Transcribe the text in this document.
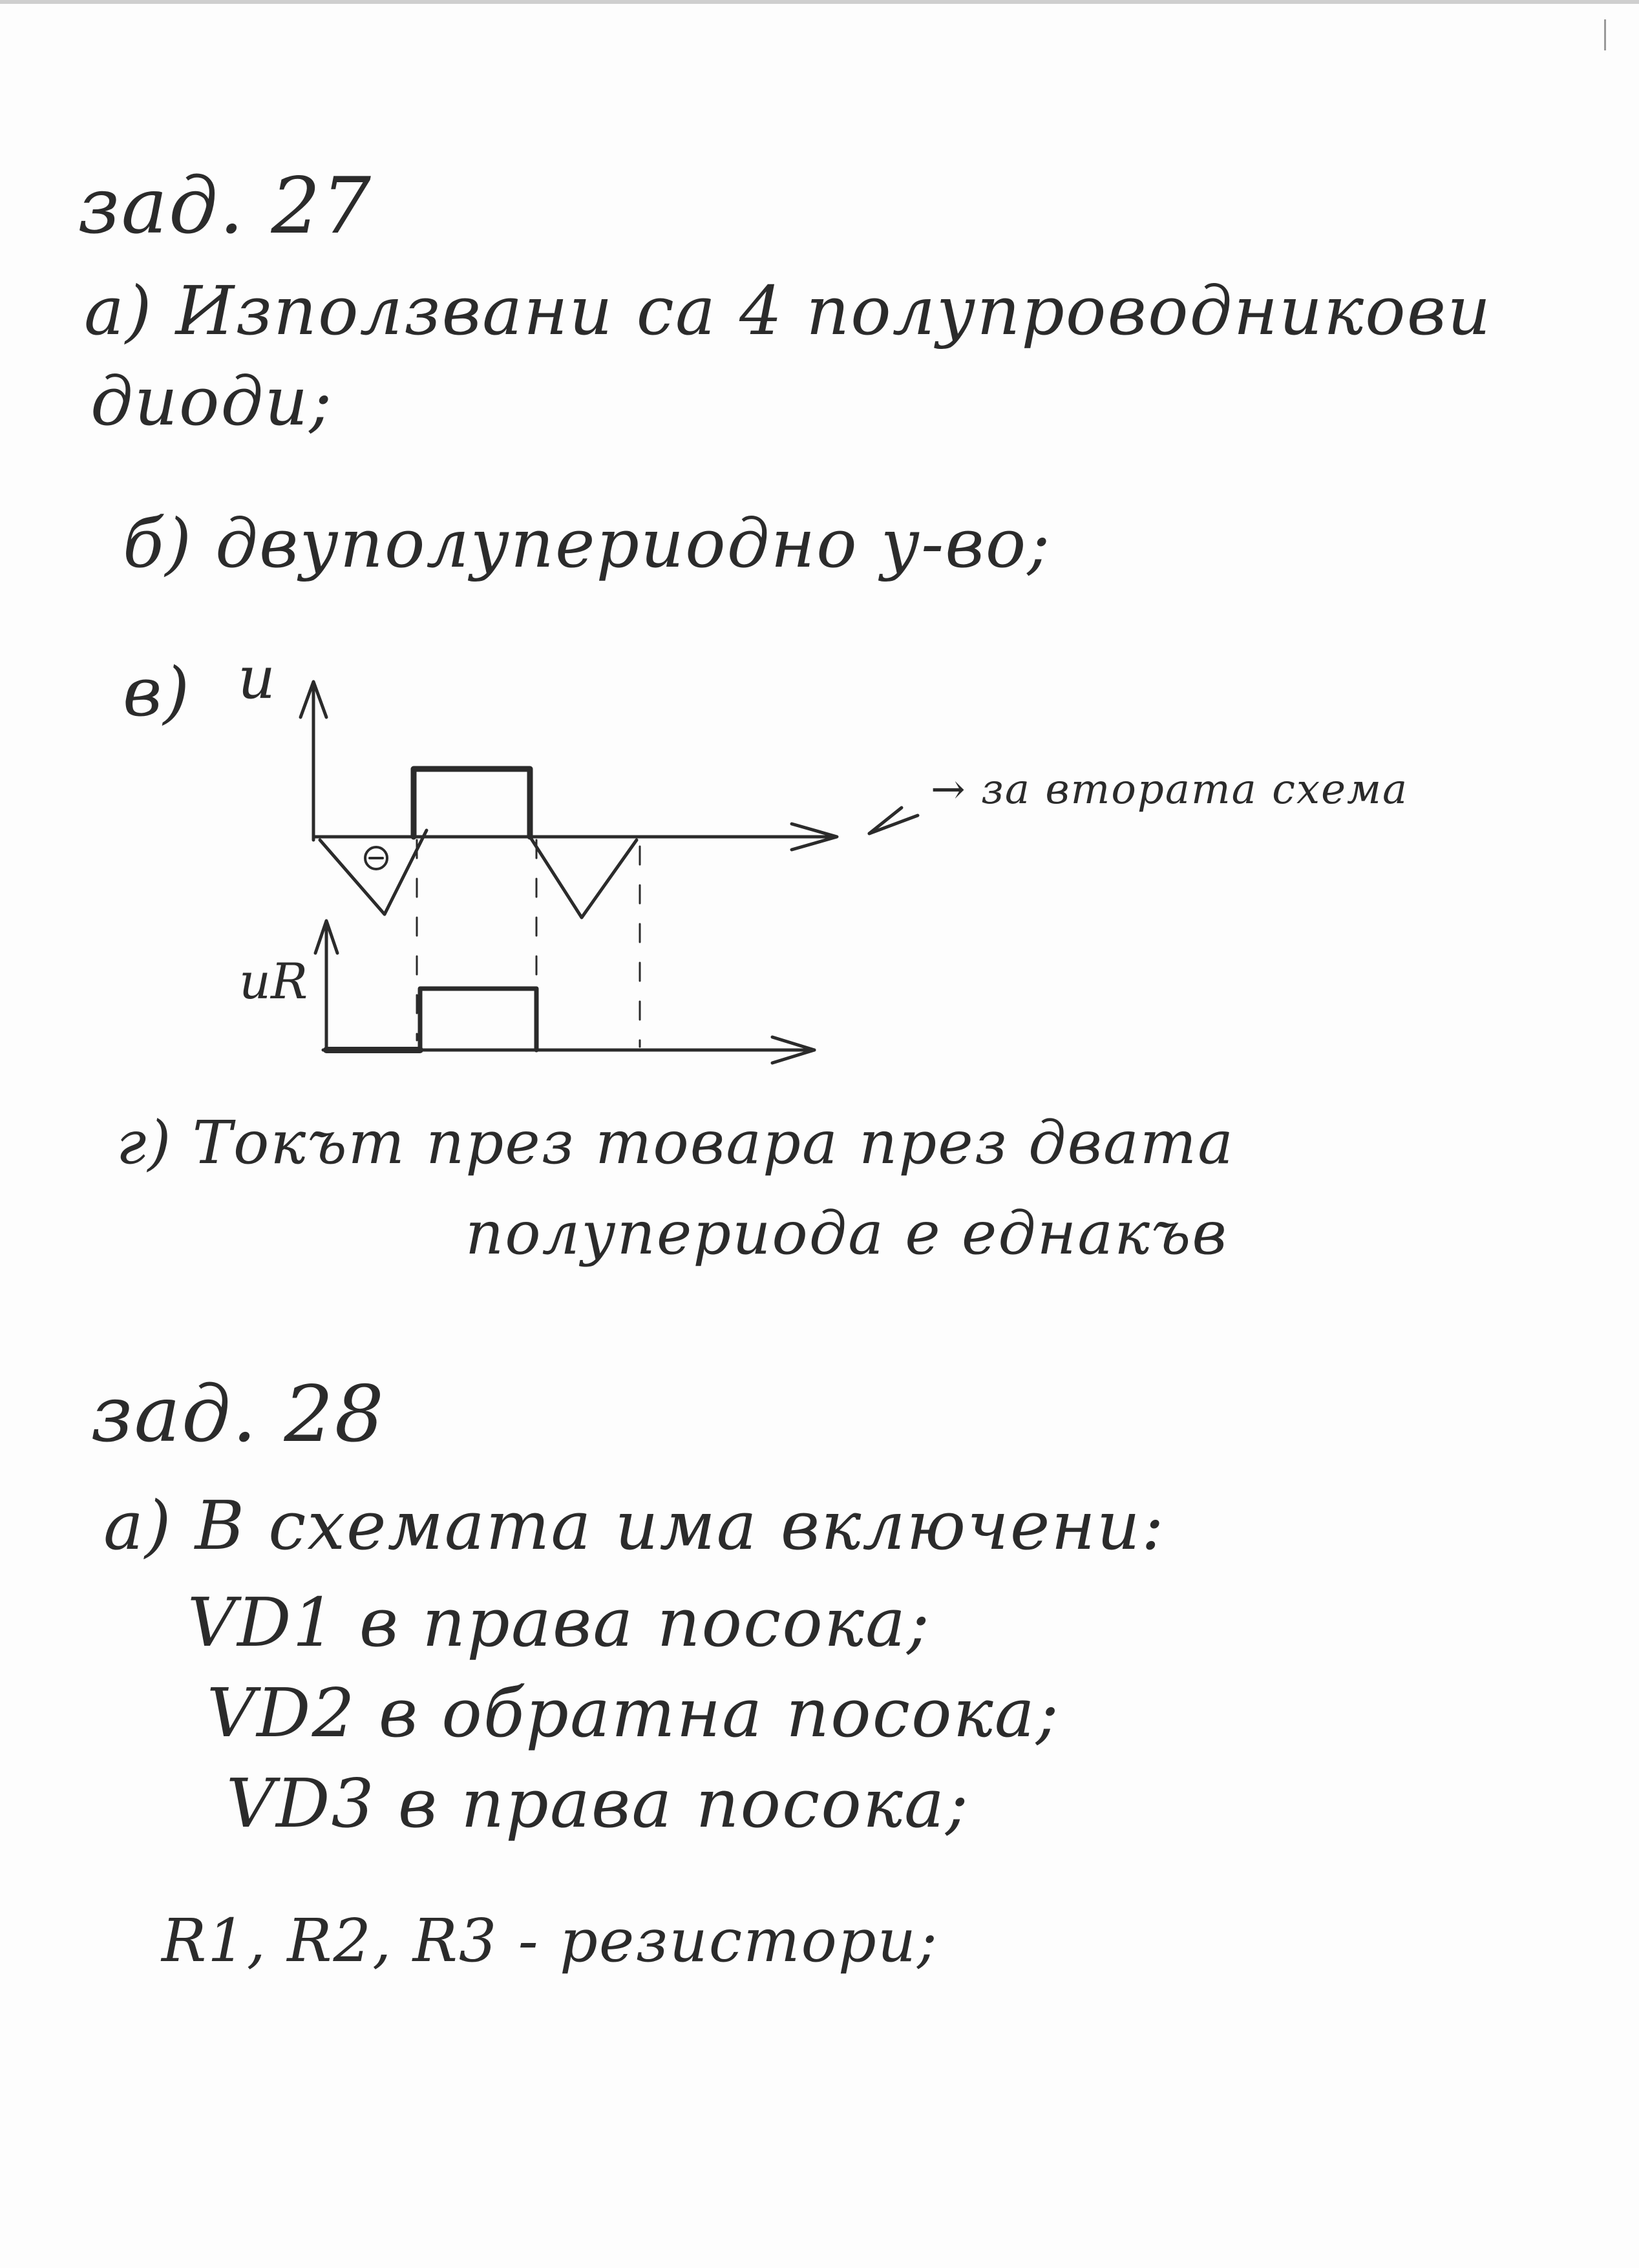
зад. 27
а) Използвани са 4 полупроводникови
диоди;
б) двуполупериодно у-во;
в) u
uR
→ за втората схема
г) Токът през товара през двата
полупериода е еднакъв
зад. 28
а) В схемата има включени:
VD1 в права посока;
VD2 в обратна посока;
VD3 в права посока;
R1, R2, R3 - резистори;
